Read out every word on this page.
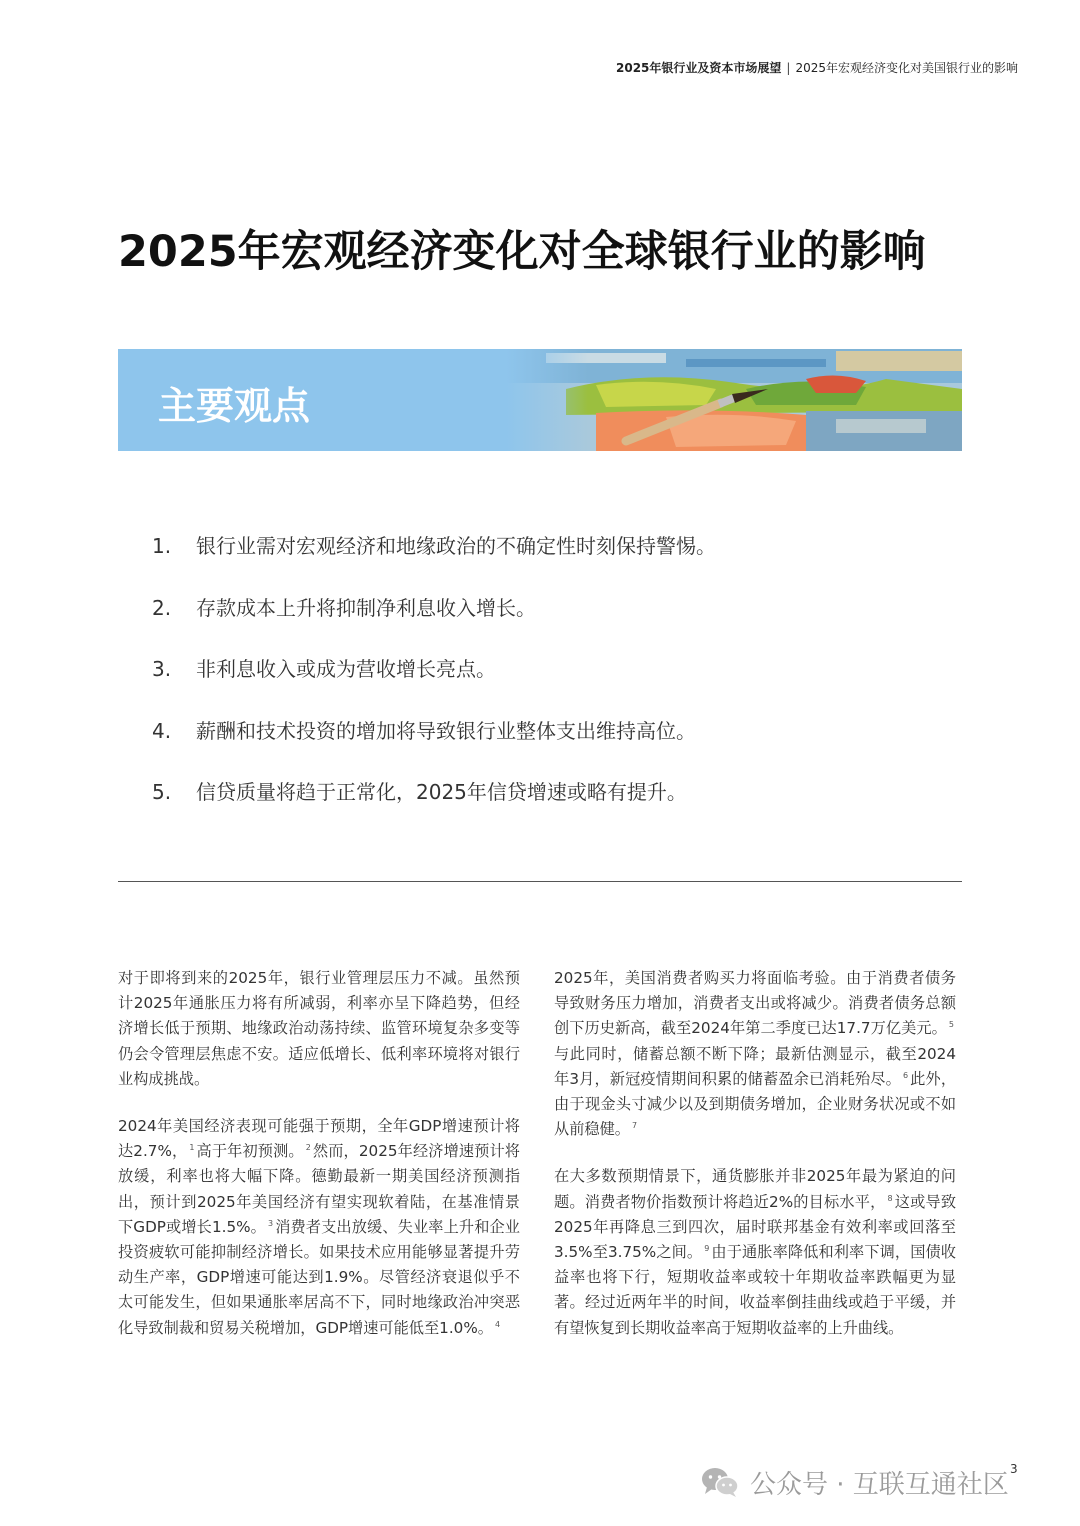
2025年银行业及资本市场展望 | 2025年宏观经济变化对美国银行业的影响
2025年宏观经济变化对全球银行业的影响
主要观点
1.	银行业需对宏观经济和地缘政治的不确定性时刻保持警惕。
2.	存款成本上升将抑制净利息收入增长。
3.	非利息收入或成为营收增长亮点。
4.	薪酬和技术投资的增加将导致银行业整体支出维持高位。
5.	信贷质量将趋于正常化，2025年信贷增速或略有提升。

对于即将到来的2025年，银行业管理层压力不减。虽然预计2025年通胀压力将有所减弱，利率亦呈下降趋势，但经济增长低于预期、地缘政治动荡持续、监管环境复杂多变等仍会令管理层焦虑不安。适应低增长、低利率环境将对银行业构成挑战。

2024年美国经济表现可能强于预期，全年GDP增速预计将达2.7%， $^1$ 高于年初预测。 $^2$ 然而，2025年经济增速预计将放缓，利率也将大幅下降。德勤最新一期美国经济预测指出，预计到2025年美国经济有望实现软着陆，在基准情景下GDP或增长1.5%。 $^3$ 消费者支出放缓、失业率上升和企业投资疲软可能抑制经济增长。如果技术应用能够显著提升劳动生产率，GDP增速可能达到1.9%。尽管经济衰退似乎不太可能发生，但如果通胀率居高不下，同时地缘政治冲突恶化导致制裁和贸易关税增加，GDP增速可能低至1.0%。 $^4$

2025年，美国消费者购买力将面临考验。由于消费者债务导致财务压力增加，消费者支出或将减少。消费者债务总额创下历史新高，截至2024年第二季度已达17.7万亿美元。 $^5$与此同时，储蓄总额不断下降；最新估测显示，截至2024年3月，新冠疫情期间积累的储蓄盈余已消耗殆尽。 $^6$ 此外，由于现金头寸减少以及到期债务增加，企业财务状况或不如从前稳健。 $^7$

在大多数预期情景下，通货膨胀并非2025年最为紧迫的问题。消费者物价指数预计将趋近2%的目标水平， $^8$ 这或导致2025年再降息三到四次，届时联邦基金有效利率或回落至3.5%至3.75%之间。 $^9$ 由于通胀率降低和利率下调，国债收益率也将下行，短期收益率或较十年期收益率跌幅更为显著。经过近两年半的时间，收益率倒挂曲线或趋于平缓，并有望恢复到长期收益率高于短期收益率的上升曲线。

3
公众号 · 互联互通社区
